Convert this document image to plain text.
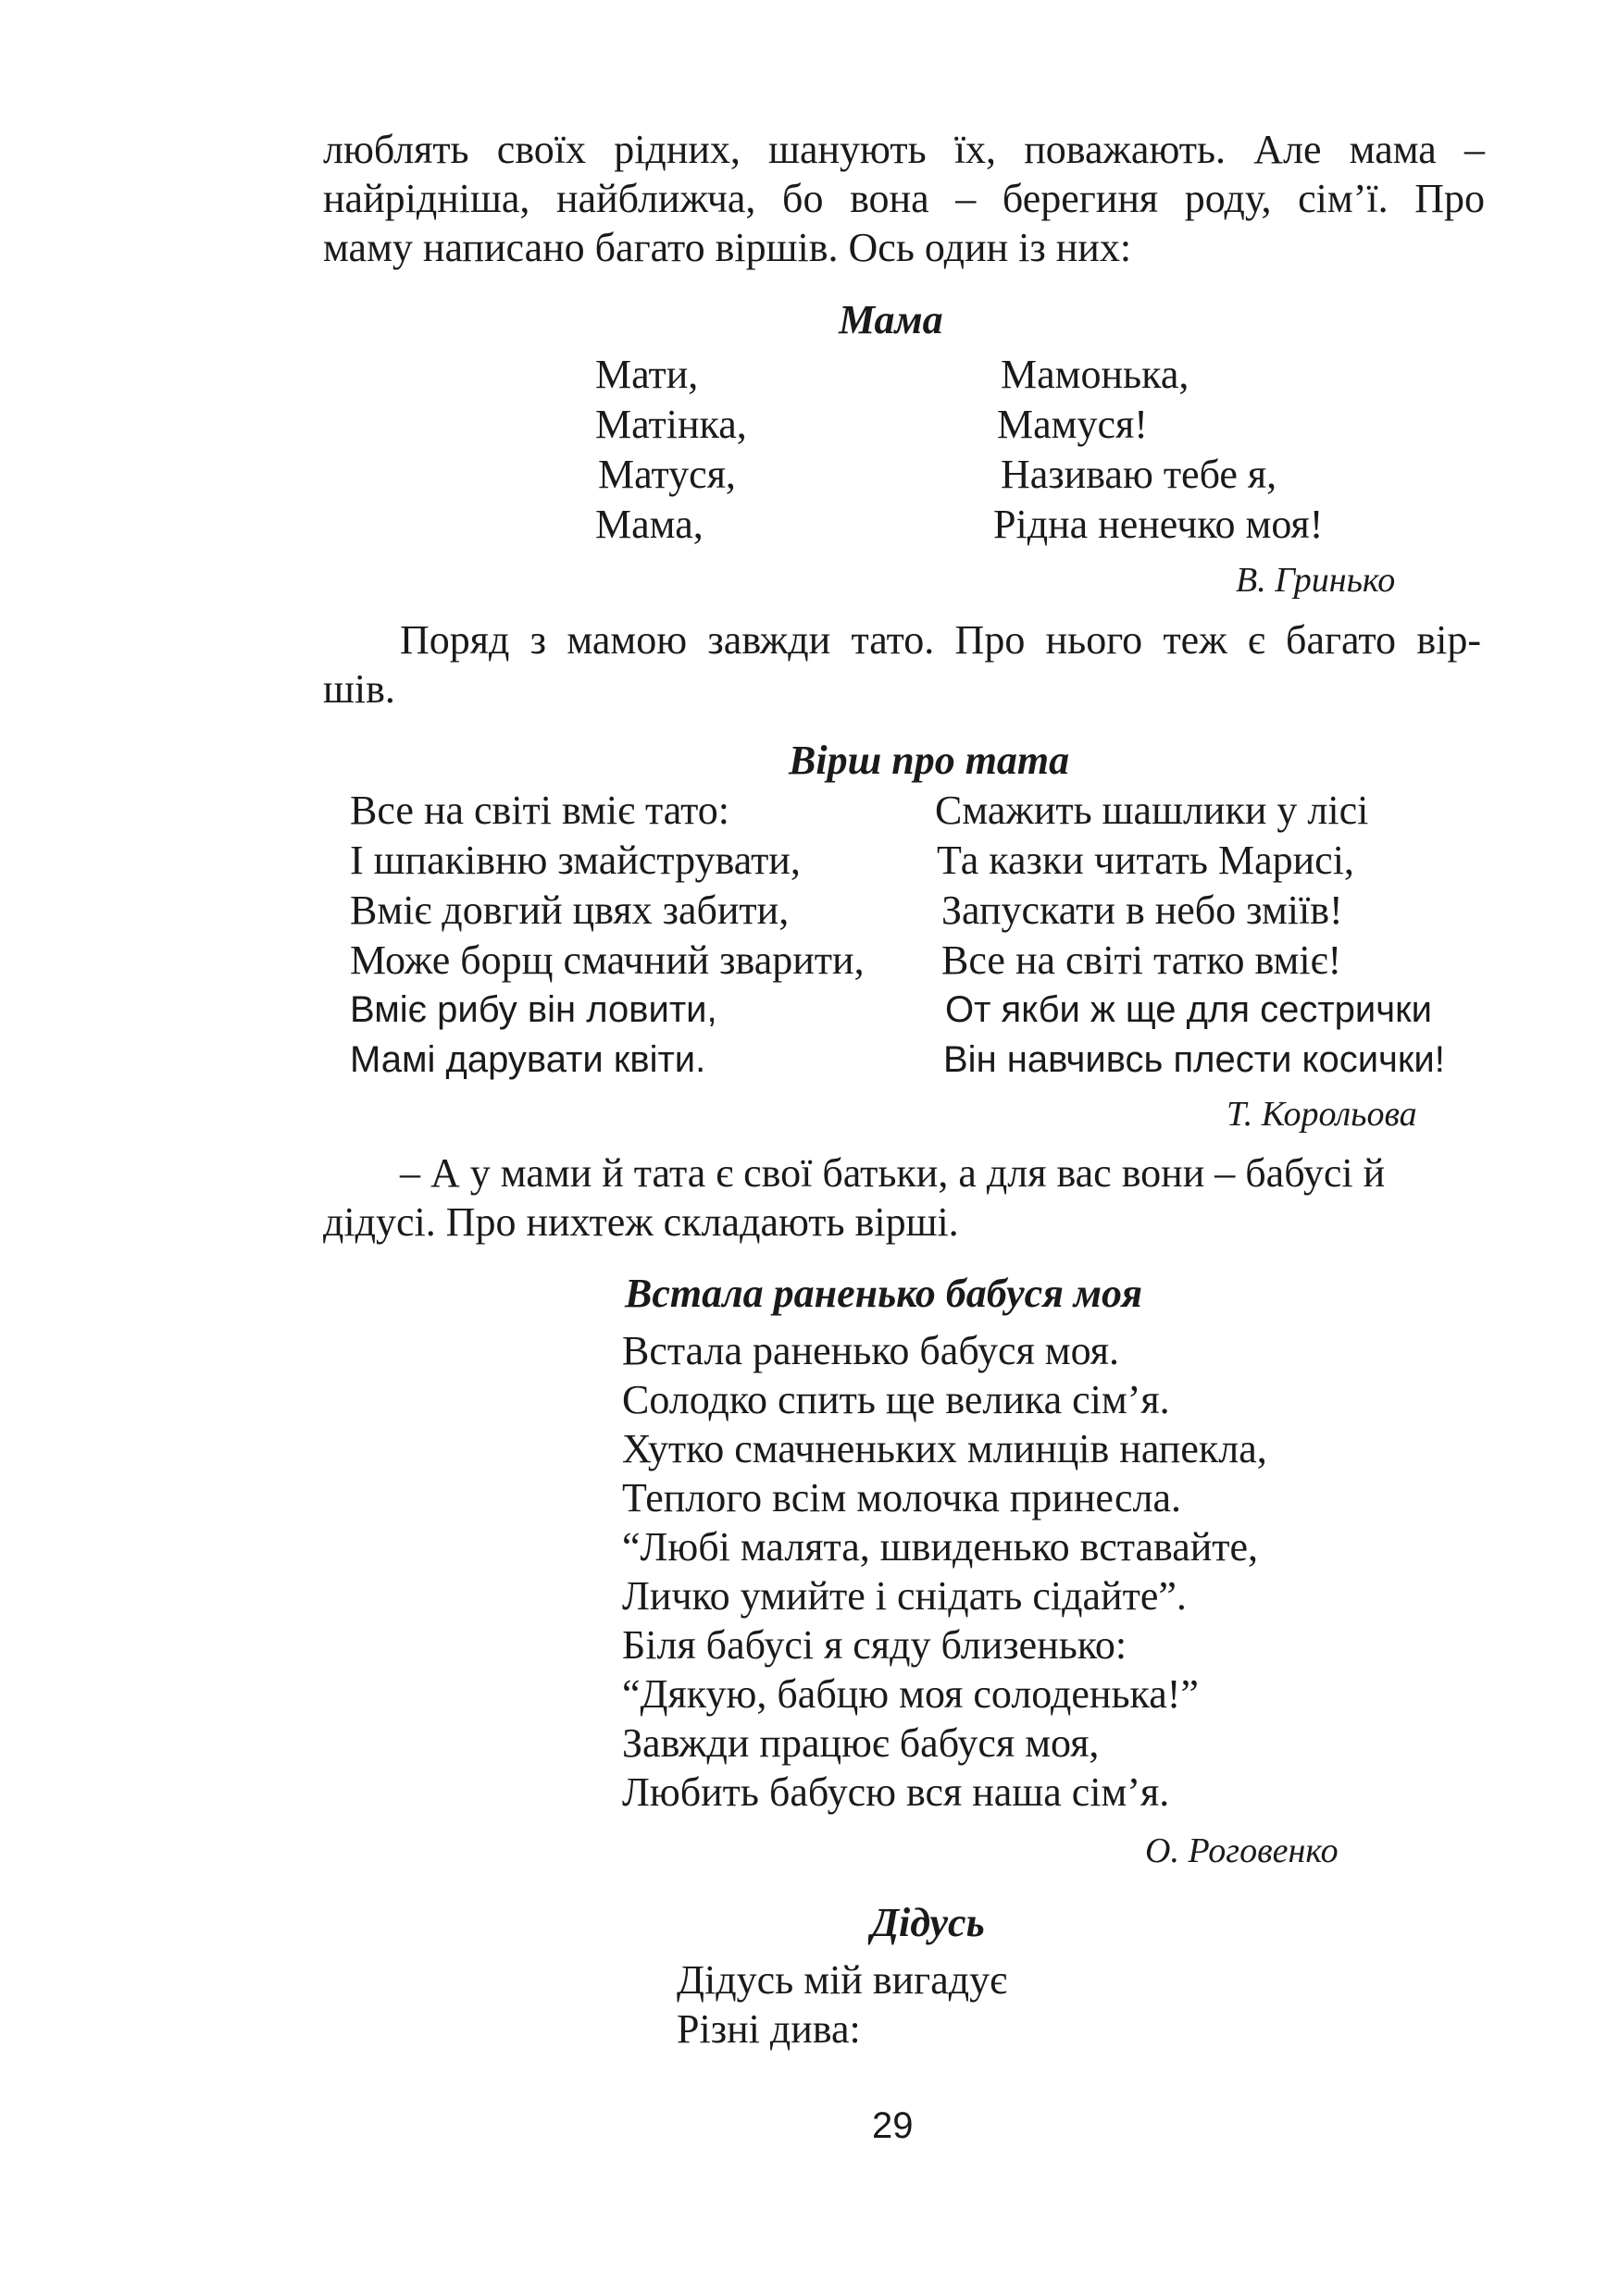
люблять своїх рідних, шанують їх, поважають. Але мама –
найрідніша, найближча, бо вона – берегиня роду, сім’ї. Про
маму написано багато віршів. Ось один із них:
Мама
Мати,
Матінка,
Матуся,
Мама,
Мамонька,
Мамуся!
Називаю тебе я,
Рідна ненечко моя!
В. Гринько
Поряд з мамою завжди тато. Про нього теж є багато вір-
шів.
Вірш про тата
Все на світі вміє тато:
І шпаківню змайструвати,
Вміє довгий цвях забити,
Може борщ смачний зварити,
Вміє рибу він ловити,
Мамі дарувати квіти.
Смажить шашлики у лісі
Та казки читать Марисі,
Запускати в небо зміїв!
Все на світі татко вміє!
От якби ж ще для сестрички
Він навчивсь плести косички!
Т. Корольова
– А у мами й тата є свої батьки, а для вас вони – бабусі й
дідусі. Про нихтеж складають вірші.
Встала раненько бабуся моя
Встала раненько бабуся моя.
Солодко спить ще велика сім’я.
Хутко смачненьких млинців напекла,
Теплого всім молочка принесла.
“Любі малята, швиденько вставайте,
Личко умийте і снідать сідайте”.
Біля бабусі я сяду близенько:
“Дякую, бабцю моя солоденька!”
Завжди працює бабуся моя,
Любить бабусю вся наша сім’я.
О. Роговенко
Дідусь
Дідусь мій вигадує
Різні дива:
29
